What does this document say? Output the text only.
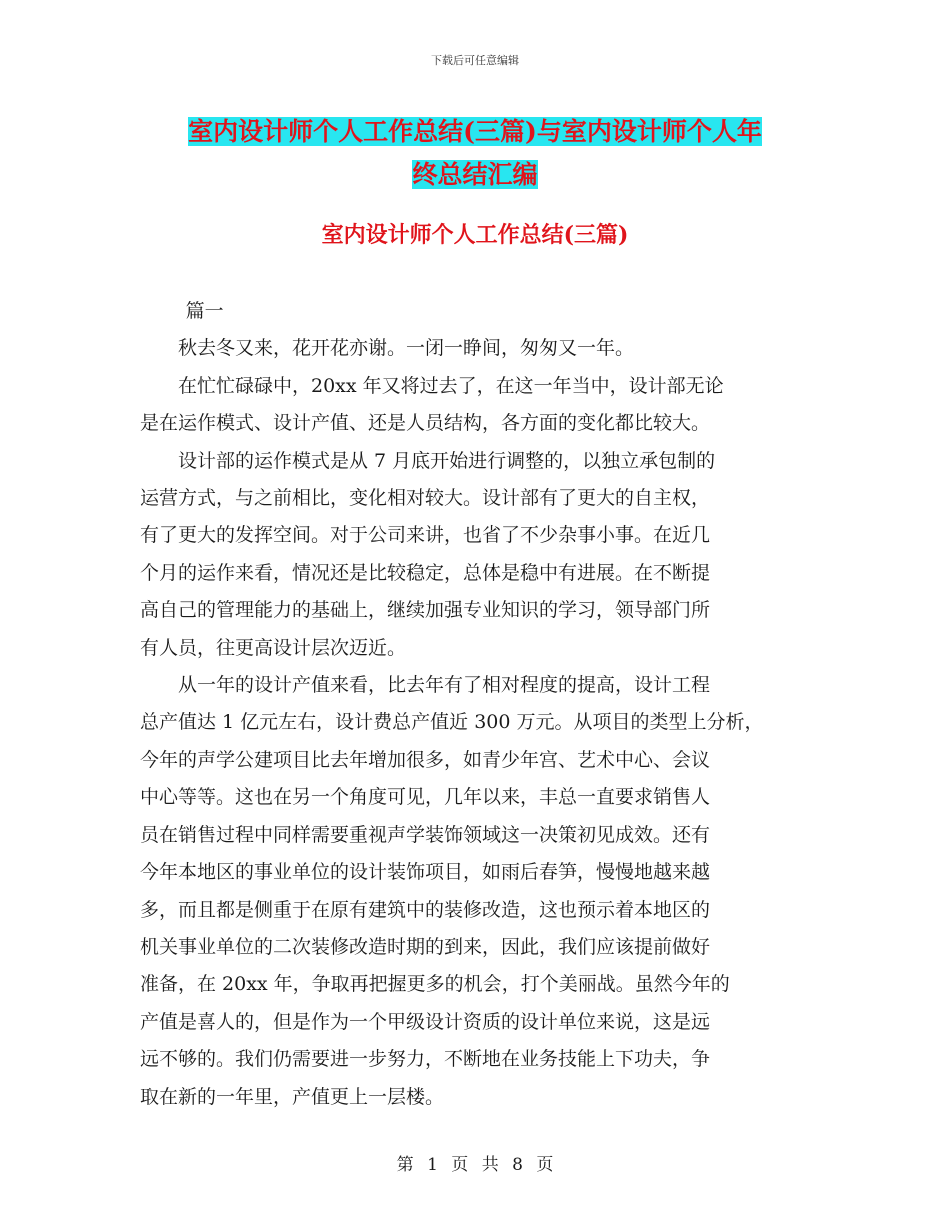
下载后可任意编辑
室内设计师个人工作总结(三篇)与室内设计师个人年
终总结汇编
室内设计师个人工作总结(三篇)

篇一

秋去冬又来，花开花亦谢。一闭一睁间，匆匆又一年。

在忙忙碌碌中，20xx 年又将过去了，在这一年当中，设计部无论

是在运作模式、设计产值、还是人员结构，各方面的变化都比较大。

设计部的运作模式是从 7 月底开始进行调整的，以独立承包制的

运营方式，与之前相比，变化相对较大。设计部有了更大的自主权，

有了更大的发挥空间。对于公司来讲，也省了不少杂事小事。在近几

个月的运作来看，情况还是比较稳定，总体是稳中有进展。在不断提

高自己的管理能力的基础上，继续加强专业知识的学习，领导部门所

有人员，往更高设计层次迈近。

从一年的设计产值来看，比去年有了相对程度的提高，设计工程

总产值达 1 亿元左右，设计费总产值近 300 万元。从项目的类型上分析，

今年的声学公建项目比去年增加很多，如青少年宫、艺术中心、会议

中心等等。这也在另一个角度可见，几年以来，丰总一直要求销售人

员在销售过程中同样需要重视声学装饰领域这一决策初见成效。还有

今年本地区的事业单位的设计装饰项目，如雨后春笋，慢慢地越来越

多，而且都是侧重于在原有建筑中的装修改造，这也预示着本地区的

机关事业单位的二次装修改造时期的到来，因此，我们应该提前做好

准备，在 20xx 年，争取再把握更多的机会，打个美丽战。虽然今年的

产值是喜人的，但是作为一个甲级设计资质的设计单位来说，这是远

远不够的。我们仍需要进一步努力，不断地在业务技能上下功夫，争

取在新的一年里，产值更上一层楼。

第 1 页 共 8 页
